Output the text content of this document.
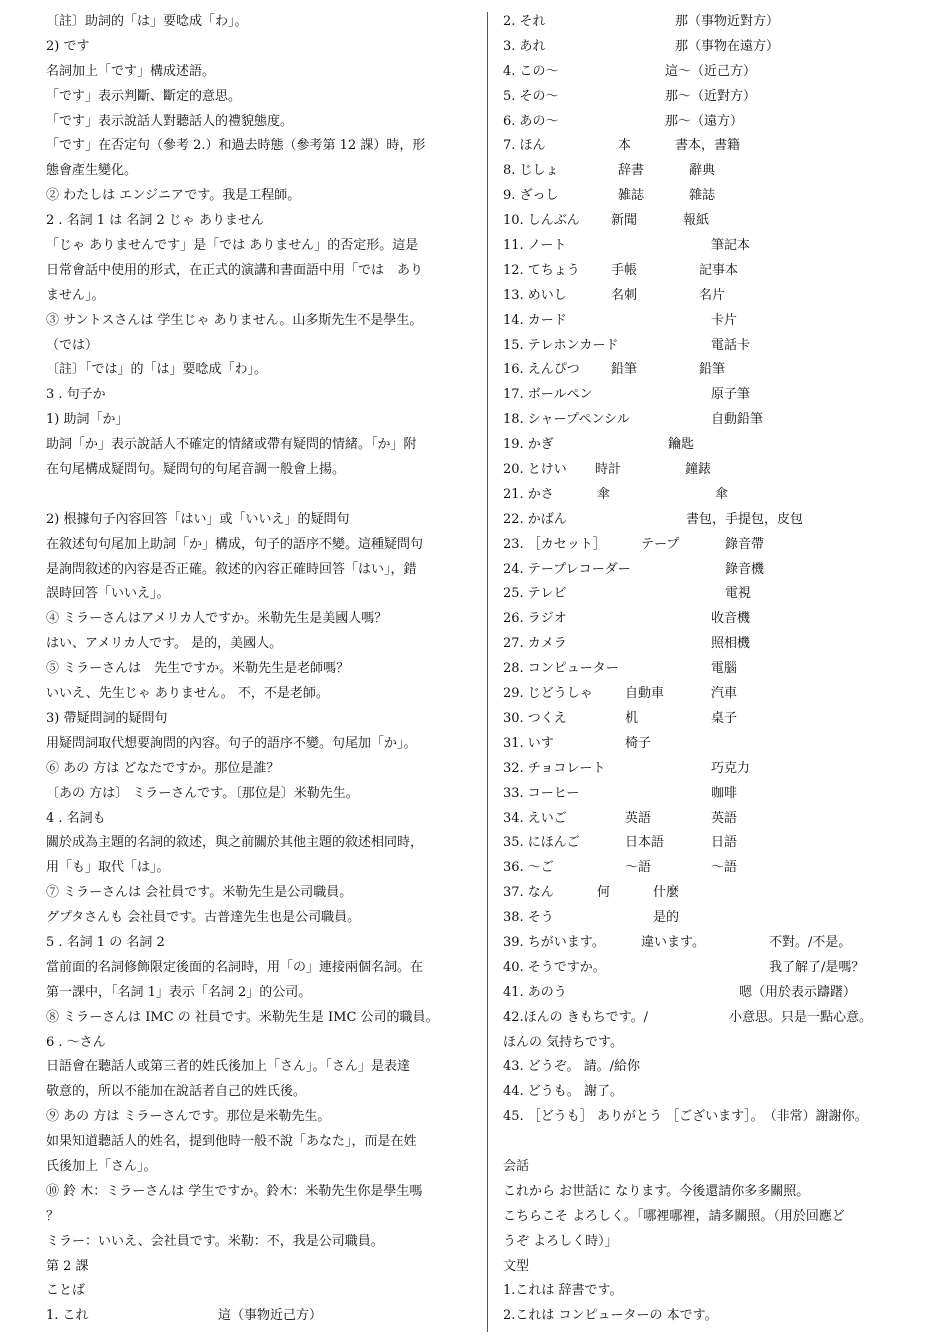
〔註〕助詞的「は」要唸成「わ」。
2) です
名詞加上「です」構成述語。
「です」表示判斷、斷定的意思。
「です」表示說話人對聽話人的禮貌態度。
「です」在否定句（參考 2.）和過去時態（參考第 12 課）時，形
態會產生變化。
② わたしは エンジニアです。我是工程師。
2 . 名詞 1 は 名詞 2 じゃ ありません
「じゃ ありませんです」是「では ありません」的否定形。這是
日常會話中使用的形式，在正式的演講和書面語中用「では　あり
ません」。
③ サントスさんは 学生じゃ ありません。山多斯先生不是學生。
（では）
〔註〕「では」的「は」要唸成「わ」。
3 . 句子か
1) 助詞「か」
助詞「か」表示說話人不確定的情緒或帶有疑問的情緒。「か」附
在句尾構成疑問句。疑問句的句尾音調一般會上揚。
2) 根據句子內容回答「はい」或「いいえ」的疑問句
在敘述句句尾加上助詞「か」構成，句子的語序不變。這種疑問句
是詢問敘述的內容是否正確。敘述的內容正確時回答「はい」，錯
誤時回答「いいえ」。
④ ミラーさんはアメリカ人ですか。米勒先生是美國人嗎？
はい、アメリカ人です。 是的，美國人。
⑤ ミラーさんは　先生ですか。米勒先生是老師嗎？
いいえ、先生じゃ ありません。 不，不是老師。
3) 帶疑問詞的疑問句
用疑問詞取代想要詢問的內容。句子的語序不變。句尾加「か」。
⑥ あの 方は どなたですか。那位是誰？
〔あの 方は〕 ミラーさんです。〔那位是〕米勒先生。
4 . 名詞も
關於成為主題的名詞的敘述，與之前關於其他主題的敘述相同時，
用「も」取代「は」。
⑦ ミラーさんは 会社員です。米勒先生是公司職員。
グプタさんも 会社員です。古普達先生也是公司職員。
5 . 名詞 1 の 名詞 2
當前面的名詞修飾限定後面的名詞時，用「の」連接兩個名詞。在
第一課中，「名詞 1」表示「名詞 2」的公司。
⑧ ミラーさんは IMC の 社員です。米勒先生是 IMC 公司的職員。
6 . ～さん
日語會在聽話人或第三者的姓氏後加上「さん」。「さん」是表達
敬意的，所以不能加在說話者自己的姓氏後。
⑨ あの 方は ミラーさんです。那位是米勒先生。
如果知道聽話人的姓名，提到他時一般不說「あなた」，而是在姓
氏後加上「さん」。
⑩ 鈴 木：ミラーさんは 学生ですか。鈴木：米勒先生你是學生嗎
？
ミラー：いいえ、会社員です。米勒：不，我是公司職員。
第 2 課
ことば
1. これ	這（事物近己方）
2. それ	那（事物近對方）
3. あれ	那（事物在遠方）
4. この～	這～（近己方）
5. その～	那～（近對方）
6. あの～	那～（遠方）
7. ほん	本	書本，書籍
8. じしょ	辞書	辭典
9. ざっし	雑誌	雜誌
10. しんぶん 新聞	報紙
11. ノート	筆記本
12. てちょう 手帳	記事本
13. めいし	名刺	名片
14. カード	卡片
15. テレホンカード	電話卡
16. えんぴつ 鉛筆	鉛筆
17. ボールペン	原子筆
18. シャープペンシル	自動鉛筆
19. かぎ	鑰匙
20. とけい 時計	鐘錶
21. かさ	傘	傘
22. かばん	書包，手提包，皮包
23. ［カセット］	テープ	錄音帶
24. テープレコーダー	錄音機
25. テレビ	電視
26. ラジオ	收音機
27. カメラ	照相機
28. コンピューター	電腦
29. じどうしゃ 自動車	汽車
30. つくえ	机	桌子
31. いす	椅子
32. チョコレート	巧克力
33. コーヒー	咖啡
34. えいご	英語	英語
35. にほんご	日本語	日語
36. ～ご	～語	～語
37. なん	何	什麼
38. そう	是的
39. ちがいます。	違います。	不對。/不是。
40. そうですか。	我了解了/是嗎？
41. あのう	嗯（用於表示躊躇）
42.ほんの きもちです。/	小意思。只是一點心意。
ほんの 気持ちです。
43. どうぞ。 請。/給你
44. どうも。 謝了。
45. ［どうも］ ありがとう ［ございます］。　（非常）謝謝你。
会話
これから お世話に なります。今後還請你多多關照。
こちらこそ よろしく。「哪裡哪裡，請多關照。（用於回應ど
うぞ よろしく時）」
文型
1.これは 辞書です。
2.これは コンピューターの 本です。
